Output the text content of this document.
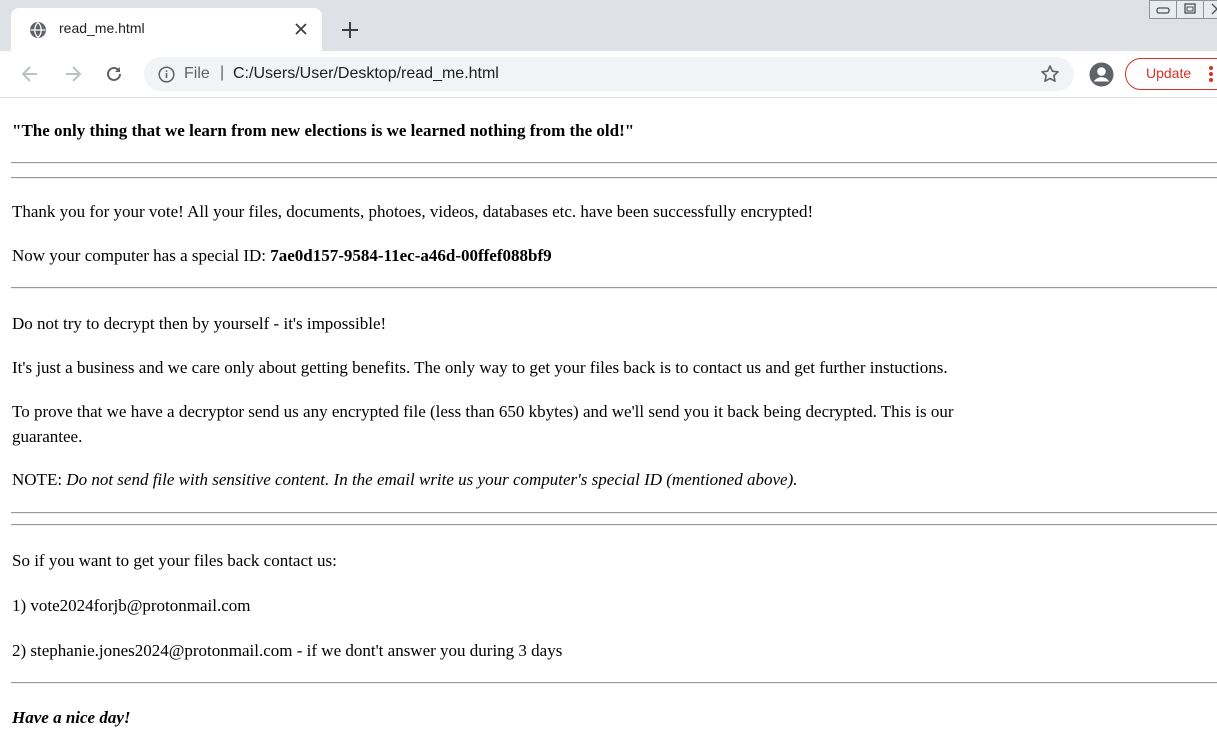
read_me.html
File | C:/Users/User/Desktop/read_me.html	Update
"The only thing that we learn from new elections is we learned nothing from the old!"
Thank you for your vote! All your files, documents, photoes, videos, databases etc. have been successfully encrypted!
Now your computer has a special ID: 7ae0d157-9584-11ec-a46d-00ffef088bf9
Do not try to decrypt then by yourself - it's impossible!
It's just a business and we care only about getting benefits. The only way to get your files back is to contact us and get further instuctions.
To prove that we have a decryptor send us any encrypted file (less than 650 kbytes) and we'll send you it back being decrypted. This is our
guarantee.
NOTE: Do not send file with sensitive content. In the email write us your computer's special ID (mentioned above).
So if you want to get your files back contact us:
1) vote2024forjb@protonmail.com
2) stephanie.jones2024@protonmail.com - if we dont't answer you during 3 days
Have a nice day!
